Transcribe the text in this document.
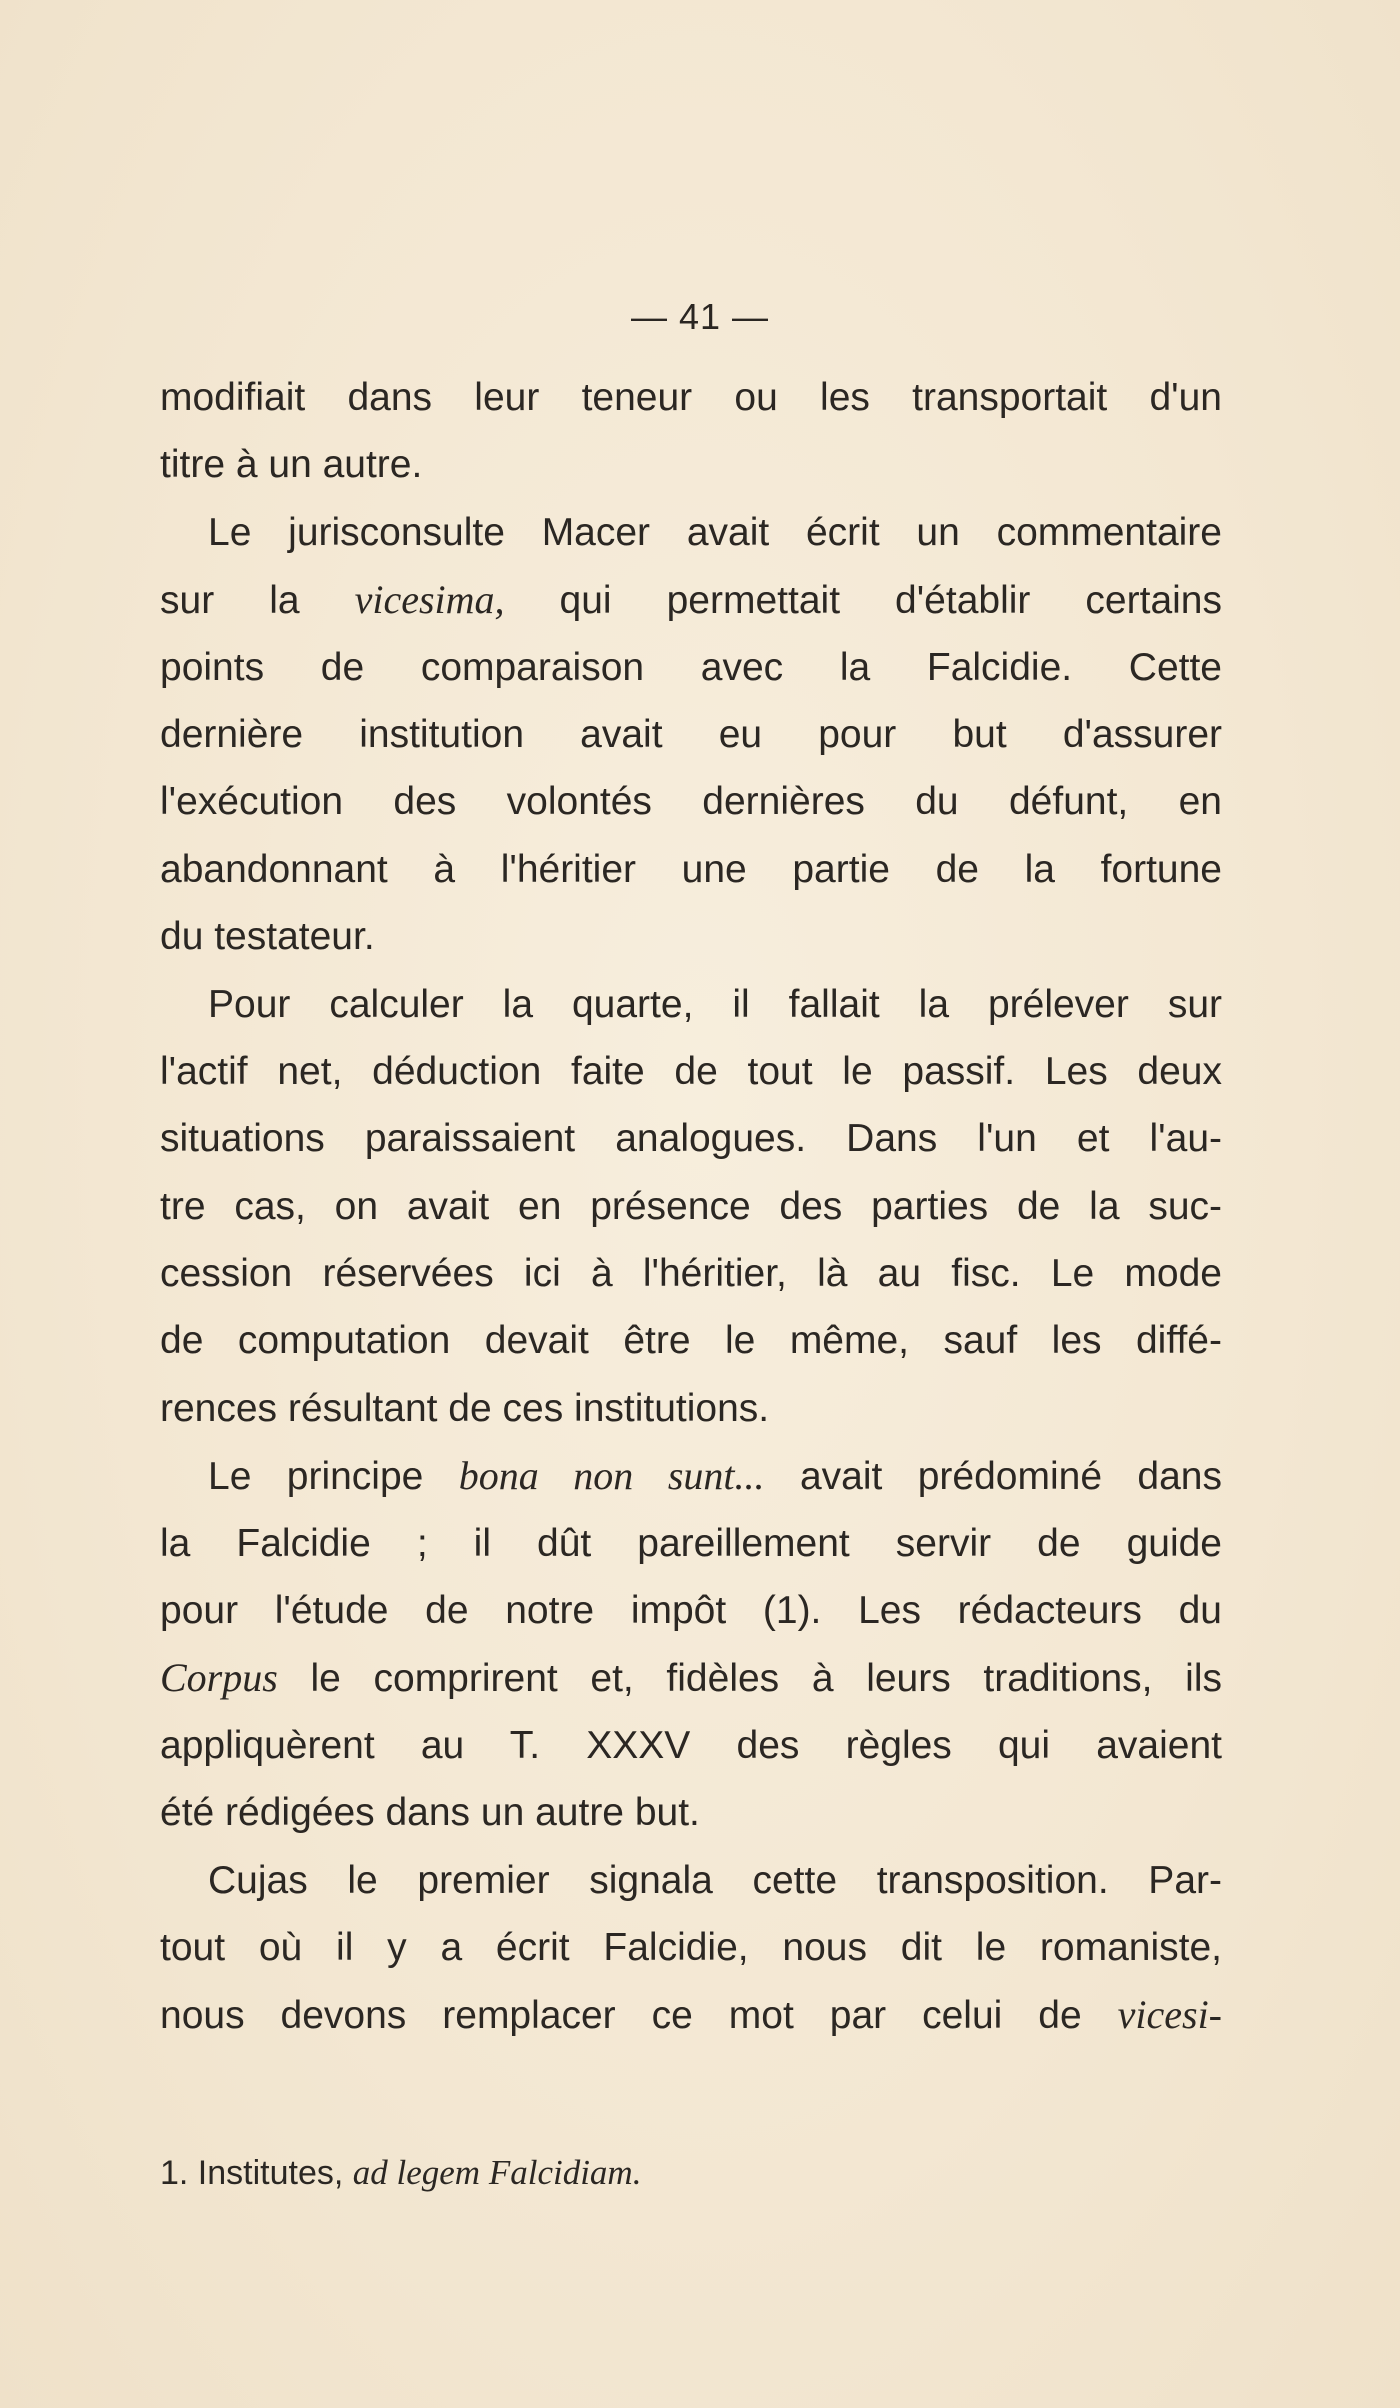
— 41 —
modifiait dans leur teneur ou les transportait d'un
titre à un autre.
Le jurisconsulte Macer avait écrit un commentaire
sur la vicesima, qui permettait d'établir certains
points de comparaison avec la Falcidie. Cette
dernière institution avait eu pour but d'assurer
l'exécution des volontés dernières du défunt, en
abandonnant à l'héritier une partie de la fortune
du testateur.
Pour calculer la quarte, il fallait la prélever sur
l'actif net, déduction faite de tout le passif. Les deux
situations paraissaient analogues. Dans l'un et l'au-
tre cas, on avait en présence des parties de la suc-
cession réservées ici à l'héritier, là au fisc. Le mode
de computation devait être le même, sauf les diffé-
rences résultant de ces institutions.
Le principe bona non sunt... avait prédominé dans
la Falcidie ; il dût pareillement servir de guide
pour l'étude de notre impôt (1). Les rédacteurs du
Corpus le comprirent et, fidèles à leurs traditions, ils
appliquèrent au T. XXXV des règles qui avaient
été rédigées dans un autre but.
Cujas le premier signala cette transposition. Par-
tout où il y a écrit Falcidie, nous dit le romaniste,
nous devons remplacer ce mot par celui de vicesi-
1. Institutes, ad legem Falcidiam.
